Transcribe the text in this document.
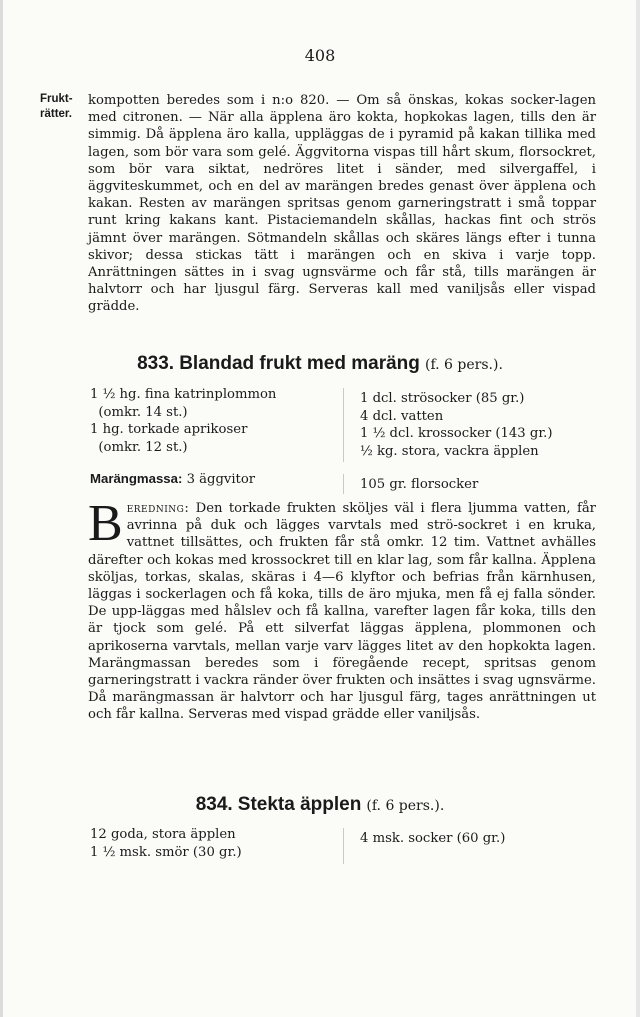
408
Frukt-
rätter.

kompotten beredes som i n:o 820. — Om så önskas, kokas socker-lagen med citronen. — När alla äpplena äro kokta, hopkokas lagen, tills den är simmig. Då äpplena äro kalla, uppläggas de i pyramid på kakan tillika med lagen, som bör vara som gelé. Äggvitorna vispas till hårt skum, florsockret, som bör vara siktat, nedröres litet i sänder, med silvergaffel, i äggviteskummet, och en del av marängen bredes genast över äpplena och kakan. Resten av marängen spritsas genom garneringstratt i små toppar runt kring kakans kant. Pistaciemandeln skållas, hackas fint och strös jämnt över marängen. Sötmandeln skållas och skäres längs efter i tunna skivor; dessa stickas tätt i marängen och en skiva i varje topp. Anrättningen sättes in i svag ugnsvärme och får stå, tills marängen är halvtorr och har ljusgul färg. Serveras kall med vaniljsås eller vispad grädde.

833. Blandad frukt med maräng (f. 6 pers.).
1 ½ hg. fina katrinplommon
(omkr. 14 st.)
1 hg. torkade aprikoser
(omkr. 12 st.)
1 dcl. strösocker (85 gr.)
4 dcl. vatten
1 ½ dcl. krossocker (143 gr.)
½ kg. stora, vackra äpplen
Marängmassa: 3 äggvitor	105 gr. florsocker

Beredning: Den torkade frukten sköljes väl i flera ljumma vatten, får avrinna på duk och lägges varvtals med strö-sockret i en kruka, vattnet tillsättes, och frukten får stå omkr. 12 tim. Vattnet avhälles därefter och kokas med krossockret till en klar lag, som får kallna. Äpplena sköljas, torkas, skalas, skäras i 4—6 klyftor och befrias från kärnhusen, läggas i sockerlagen och få koka, tills de äro mjuka, men få ej falla sönder. De upp-läggas med hålslev och få kallna, varefter lagen får koka, tills den är tjock som gelé. På ett silverfat läggas äpplena, plommonen och aprikoserna varvtals, mellan varje varv lägges litet av den hopkokta lagen. Marängmassan beredes som i föregående recept, spritsas genom garneringstratt i vackra ränder över frukten och insättes i svag ugnsvärme. Då marängmassan är halvtorr och har ljusgul färg, tages anrättningen ut och får kallna. Serveras med vispad grädde eller vaniljsås.

834. Stekta äpplen (f. 6 pers.).
12 goda, stora äpplen
1 ½ msk. smör (30 gr.)
4 msk. socker (60 gr.)
